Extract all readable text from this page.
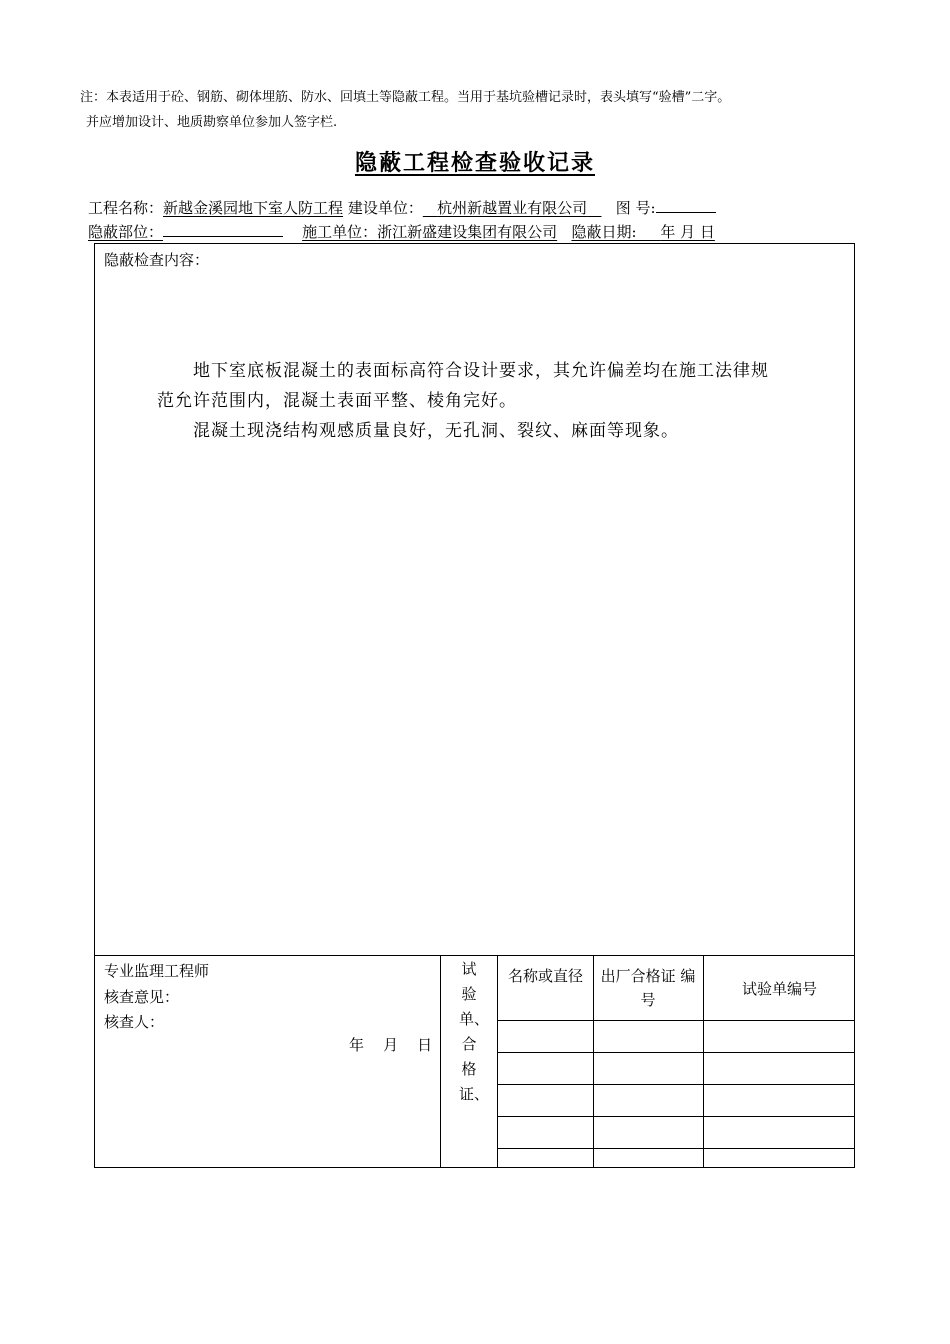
注：本表适用于砼、钢筋、砌体埋筋、防水、回填土等隐蔽工程。当用于基坑验槽记录时，表头填写“验槽”二字。
并应增加设计、地质勘察单位参加人签字栏.
隐蔽工程检查验收记录
工程名称：新越金溪园地下室人防工程 建设单位： 杭州新越置业有限公司 图 号:
隐蔽部位：	施工单位：浙江新盛建设集团有限公司 隐蔽日期: 年 月 日
隐蔽检查内容：
地下室底板混凝土的表面标高符合设计要求，其允许偏差均在施工法律规
范允许范围内，混凝土表面平整、棱角完好。
混凝土现浇结构观感质量良好，无孔洞、裂纹、麻面等现象。
专业监理工程师
核查意见：
核查人：
年    月    日
试验单、合格证、
名称或直径	出厂合格证 编 号
试验单编号
